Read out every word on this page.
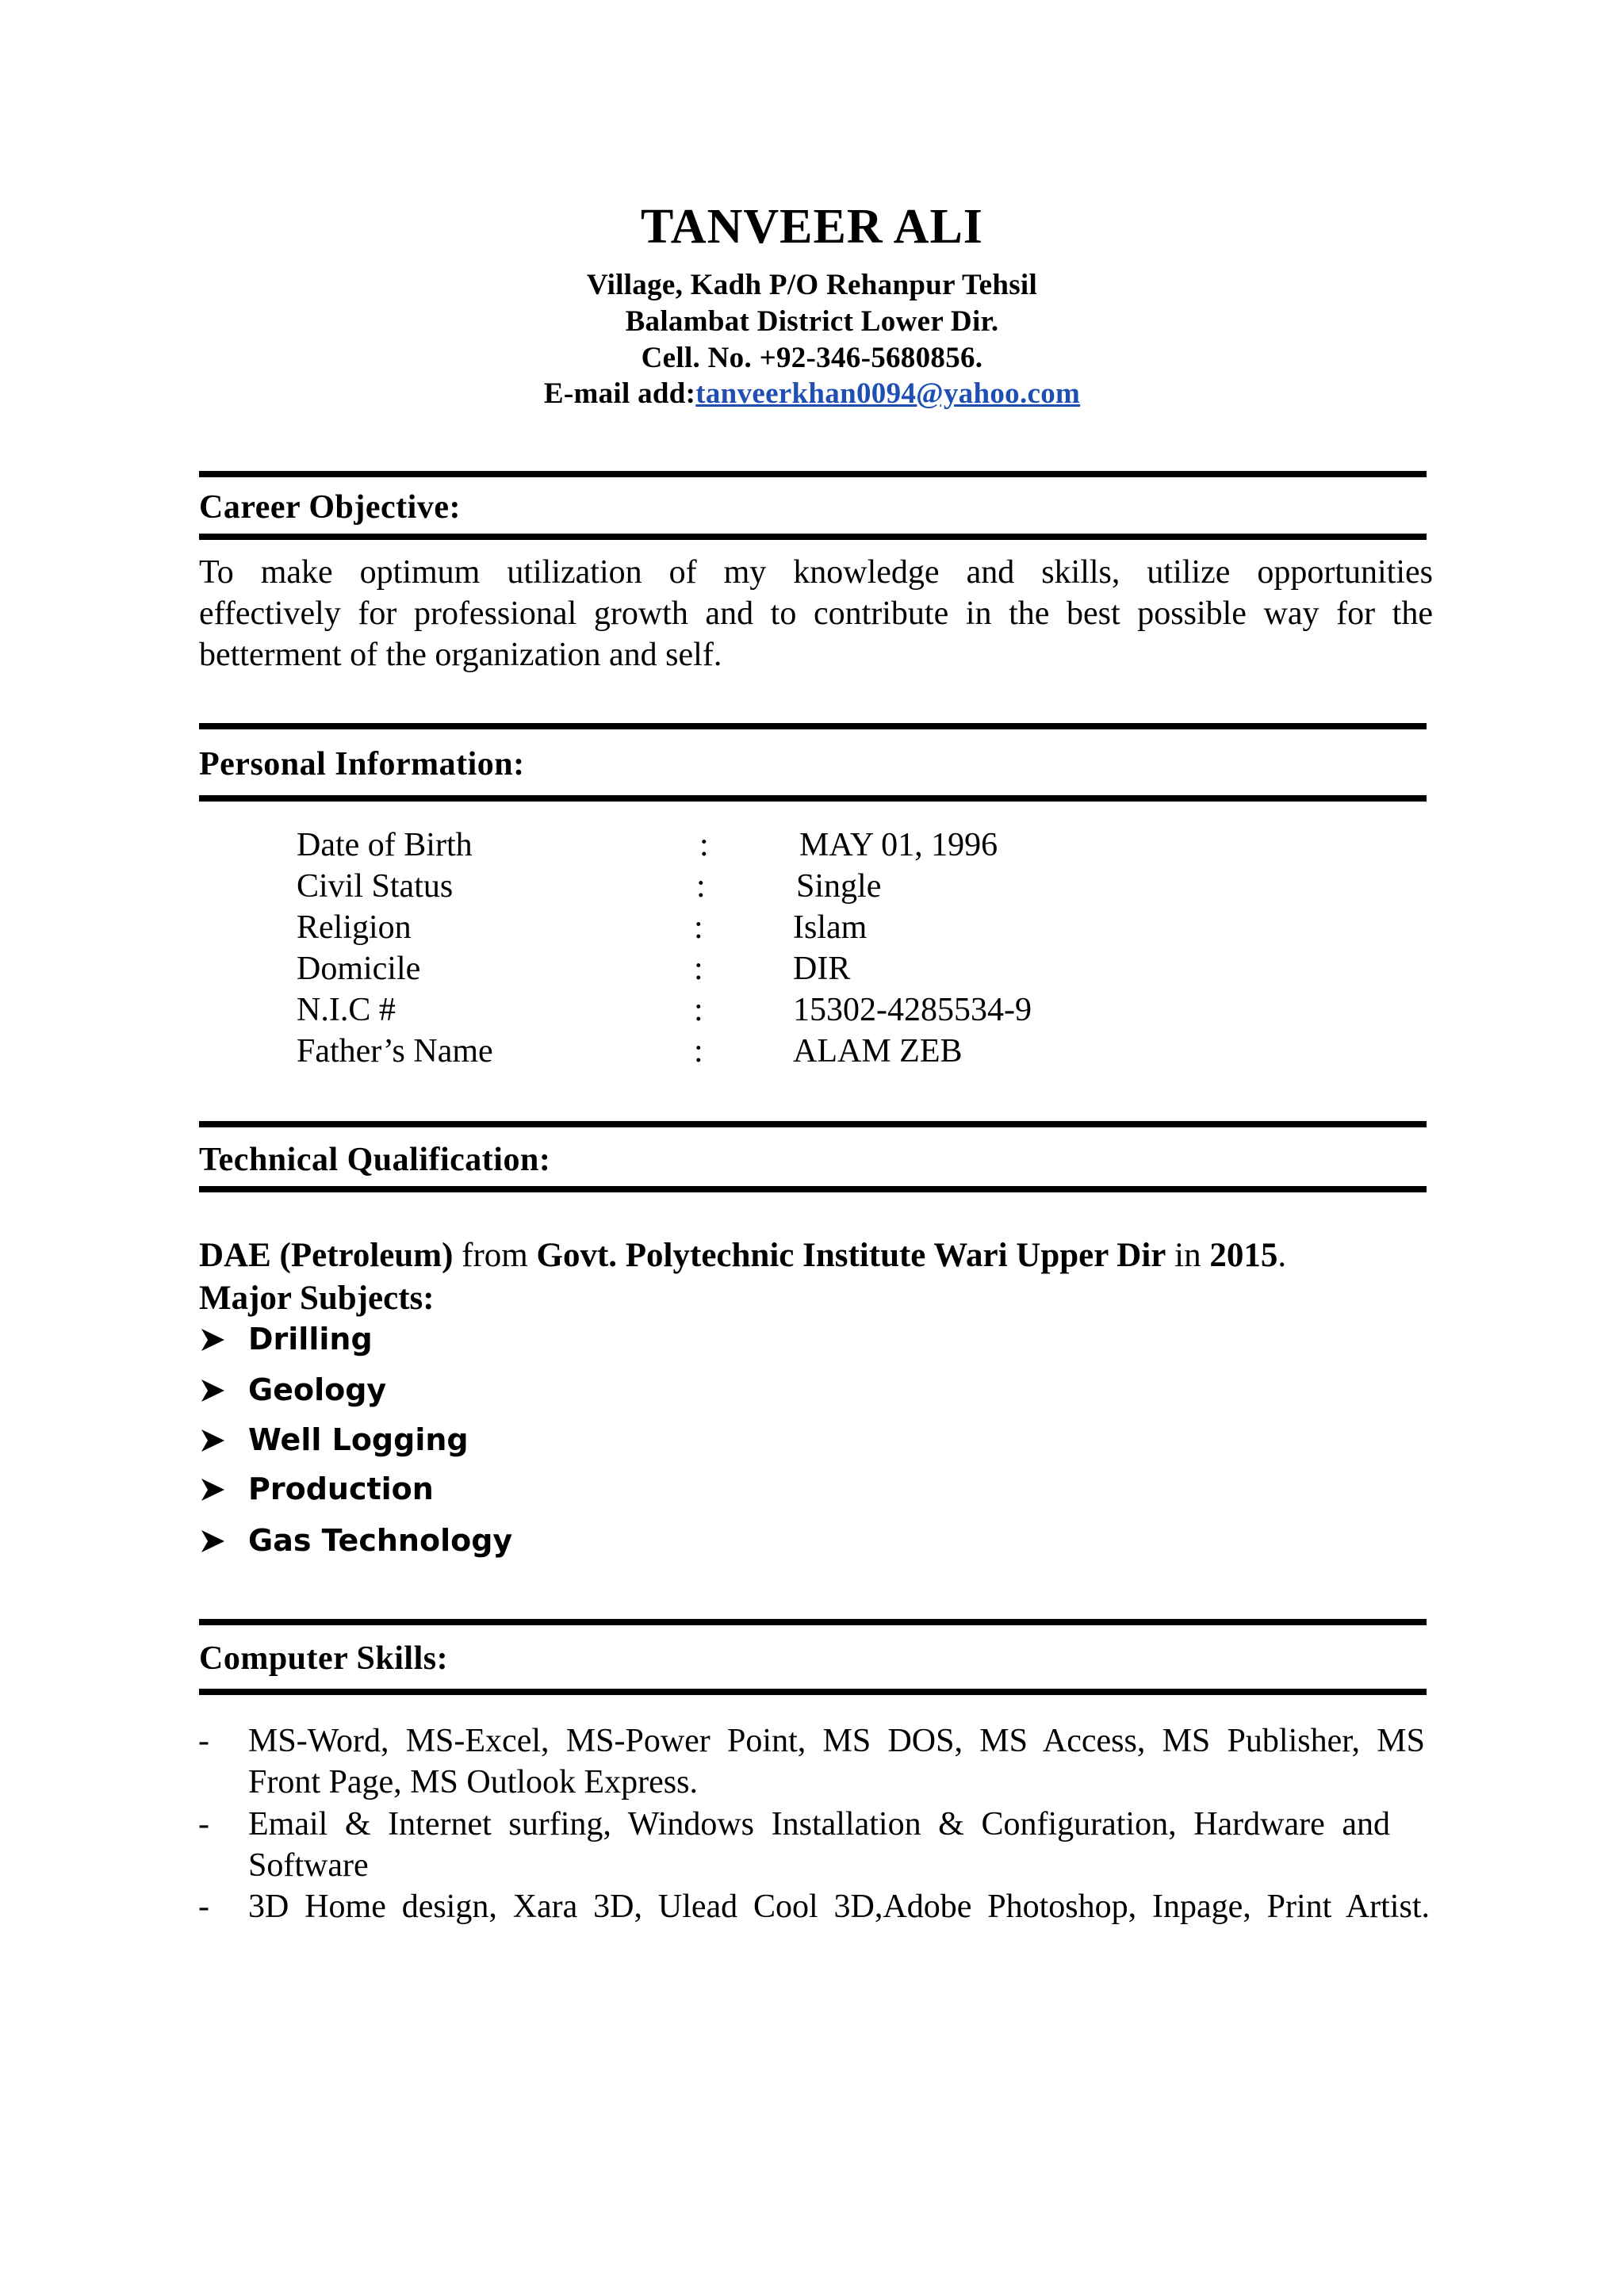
TANVEER ALI
Village, Kadh P/O Rehanpur Tehsil
Balambat District Lower Dir.
Cell. No. +92-346-5680856.
E-mail add:tanveerkhan0094@yahoo.com
Career Objective:
To make optimum utilization of my knowledge and skills, utilize opportunities
effectively for professional growth and to contribute in the best possible way for the
betterment of the organization and self.
Personal Information:
Date of Birth	:	MAY 01, 1996
Civil Status	:	Single
Religion	:	Islam
Domicile	:	DIR
N.I.C #	:	15302-4285534-9
Father’s Name	:	ALAM ZEB
Technical Qualification:
DAE (Petroleum) from Govt. Polytechnic Institute Wari Upper Dir in 2015.
Major Subjects:
Drilling
Geology
Well Logging
Production
Gas Technology
Computer Skills:
- MS-Word, MS-Excel, MS-Power Point, MS DOS, MS Access, MS Publisher, MS
Front Page, MS Outlook Express.
- Email & Internet surfing, Windows Installation & Configuration, Hardware and
Software
- 3D Home design, Xara 3D, Ulead Cool 3D,Adobe Photoshop, Inpage, Print Artist.
